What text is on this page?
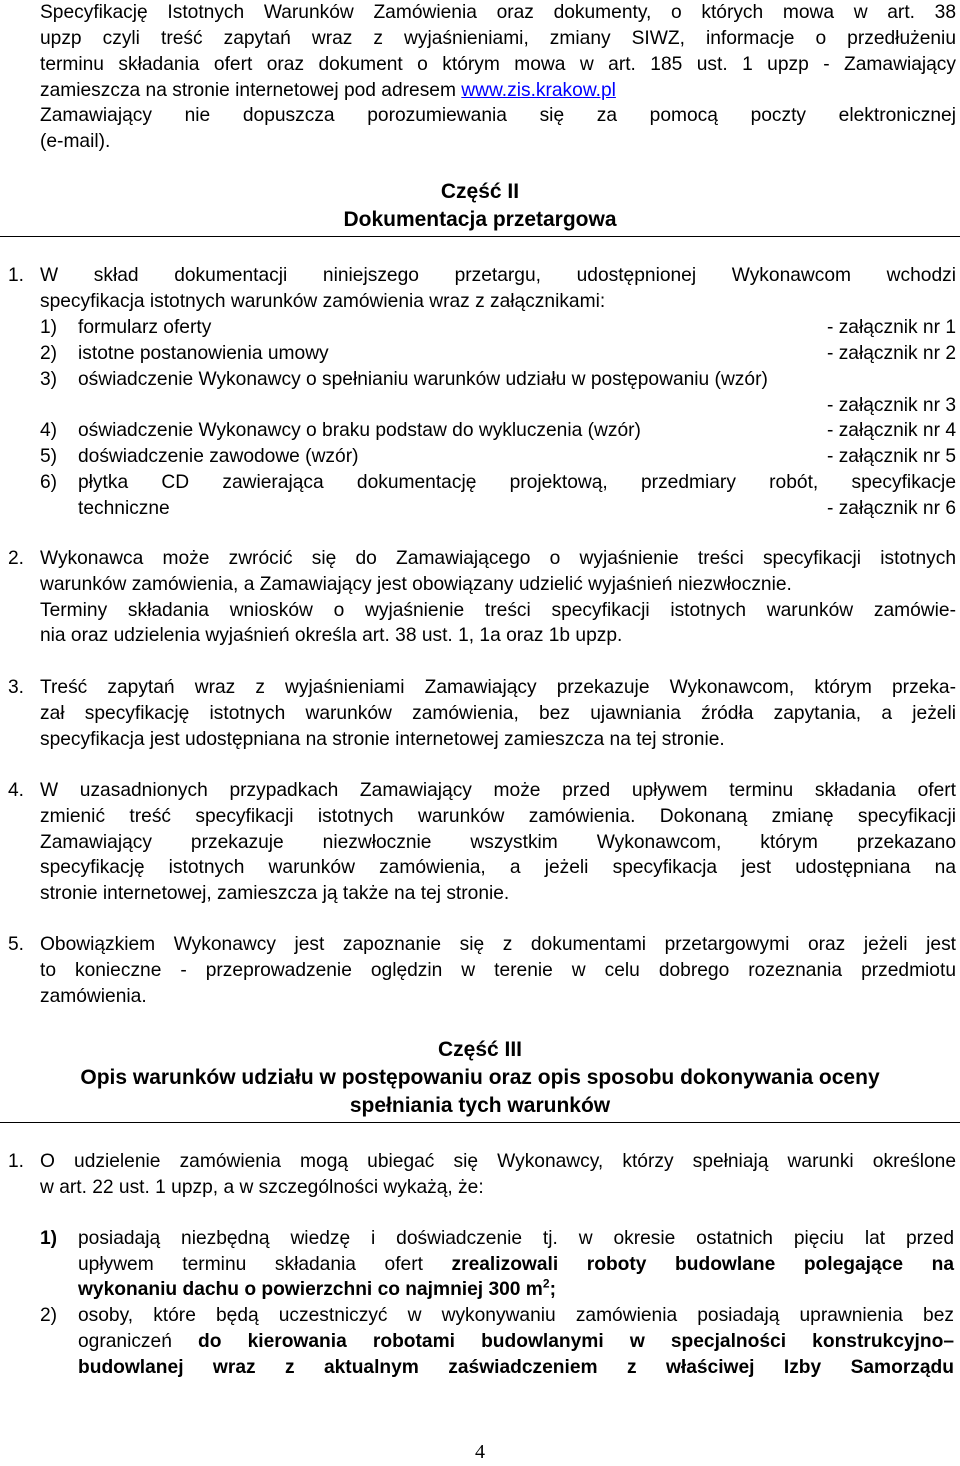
Specyfikację Istotnych Warunków Zamówienia oraz dokumenty, o których mowa w art. 38
upzp czyli treść zapytań wraz z wyjaśnieniami, zmiany SIWZ, informacje o przedłużeniu
terminu składania ofert oraz dokument o którym mowa w art. 185 ust. 1 upzp - Zamawiający
zamieszcza na stronie internetowej pod adresem www.zis.krakow.pl
Zamawiający nie dopuszcza porozumiewania się za pomocą poczty elektronicznej
(e-mail).
Część II
Dokumentacja przetargowa
1. W skład dokumentacji niniejszego przetargu, udostępnionej Wykonawcom wchodzi
specyfikacja istotnych warunków zamówienia wraz z załącznikami:
1) formularz oferty	- załącznik nr 1
2) istotne postanowienia umowy	- załącznik nr 2
3) oświadczenie Wykonawcy o spełnianiu warunków udziału w postępowaniu (wzór)
- załącznik nr 3
4) oświadczenie Wykonawcy o braku podstaw do wykluczenia (wzór)	- załącznik nr 4
5) doświadczenie zawodowe (wzór)	- załącznik nr 5
6) płytka CD zawierająca dokumentację projektową, przedmiary robót, specyfikacje
techniczne	- załącznik nr 6
2. Wykonawca może zwrócić się do Zamawiającego o wyjaśnienie treści specyfikacji istotnych
warunków zamówienia, a Zamawiający jest obowiązany udzielić wyjaśnień niezwłocznie.
Terminy składania wniosków o wyjaśnienie treści specyfikacji istotnych warunków zamówie-
nia oraz udzielenia wyjaśnień określa art. 38 ust. 1, 1a oraz 1b upzp.
3. Treść zapytań wraz z wyjaśnieniami Zamawiający przekazuje Wykonawcom, którym przeka-
zał specyfikację istotnych warunków zamówienia, bez ujawniania źródła zapytania, a jeżeli
specyfikacja jest udostępniana na stronie internetowej zamieszcza na tej stronie.
4. W uzasadnionych przypadkach Zamawiający może przed upływem terminu składania ofert
zmienić treść specyfikacji istotnych warunków zamówienia. Dokonaną zmianę specyfikacji
Zamawiający przekazuje niezwłocznie wszystkim Wykonawcom, którym przekazano
specyfikację istotnych warunków zamówienia, a jeżeli specyfikacja jest udostępniana na
stronie internetowej, zamieszcza ją także na tej stronie.
5. Obowiązkiem Wykonawcy jest zapoznanie się z dokumentami przetargowymi oraz jeżeli jest
to konieczne - przeprowadzenie oględzin w terenie w celu dobrego rozeznania przedmiotu
zamówienia.
Część III
Opis warunków udziału w postępowaniu oraz opis sposobu dokonywania oceny
spełniania tych warunków
1. O udzielenie zamówienia mogą ubiegać się Wykonawcy, którzy spełniają warunki określone
w art. 22 ust. 1 upzp, a w szczególności wykażą, że:
1)	posiadają niezbędną wiedzę i doświadczenie tj. w okresie ostatnich pięciu lat przed
upływem terminu składania ofert zrealizowali roboty budowlane polegające na
wykonaniu dachu o powierzchni co najmniej 300 $m^2$;
2)	osoby, które będą uczestniczyć w wykonywaniu zamówienia posiadają uprawnienia bez
ograniczeń do kierowania robotami budowlanymi w specjalności konstrukcyjno–
budowlanej wraz z aktualnym zaświadczeniem z właściwej Izby Samorządu
4
